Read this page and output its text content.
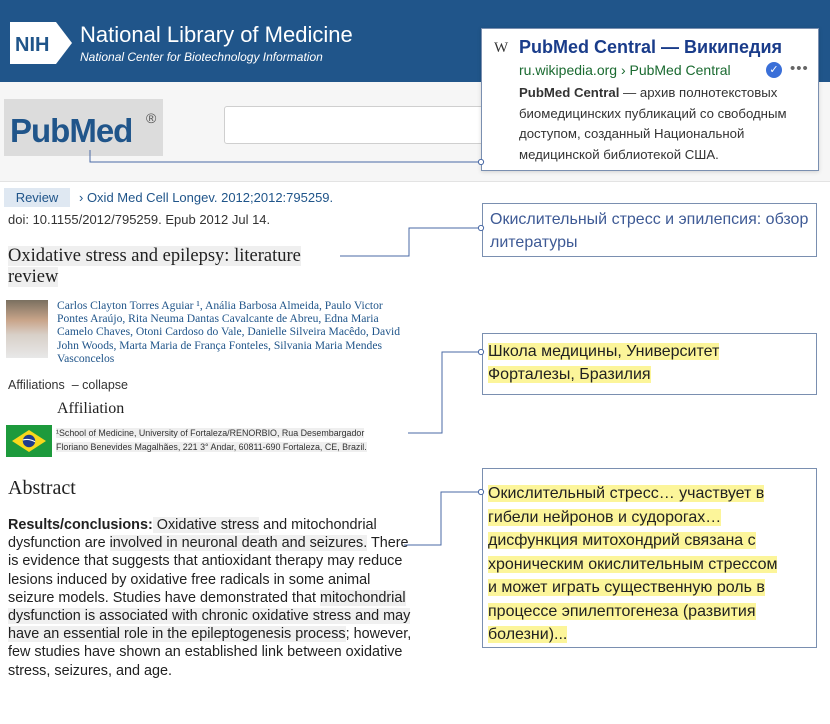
NIH National Library of Medicine
National Center for Biotechnology Information
PubMed ®
W PubMed Central — Википедия
ru.wikipedia.org › PubMed Central	✓ •••
PubMed Central — архив полнотекстовых биомедицинских публикаций со свободным доступом, созданный Национальной медицинской библиотекой США.
Review	› Oxid Med Cell Longev. 2012;2012:795259.
doi: 10.1155/2012/795259. Epub 2012 Jul 14.
Oxidative stress and epilepsy: literature
review
Carlos Clayton Torres Aguiar ¹, Anália Barbosa Almeida, Paulo Victor Pontes Araújo, Rita Neuma Dantas Cavalcante de Abreu, Edna Maria Camelo Chaves, Otoni Cardoso do Vale, Danielle Silveira Macêdo, David John Woods, Marta Maria de França Fonteles, Silvania Maria Mendes Vasconcelos
Affiliations – collapse
Affiliation
¹School of Medicine, University of Fortaleza/RENORBIO, Rua Desembargador
Floriano Benevides Magalhães, 221 3° Andar, 60811-690 Fortaleza, CE, Brazil.
Abstract
Results/conclusions: Oxidative stress and mitochondrial dysfunction are involved in neuronal death and seizures. There is evidence that suggests that antioxidant therapy may reduce lesions induced by oxidative free radicals in some animal seizure models. Studies have demonstrated that mitochondrial dysfunction is associated with chronic oxidative stress and may have an essential role in the epileptogenesis process; however, few studies have shown an established link between oxidative stress, seizures, and age.
Окислительный стресс и эпилепсия: обзор литературы
Школа медицины, Университет
Форталезы, Бразилия
Окислительный стресс… участвует в
гибели нейронов и судорогах…
дисфункция митохондрий связана с
хроническим окислительным стрессом
и может играть существенную роль в
процессе эпилептогенеза (развития
болезни)...
